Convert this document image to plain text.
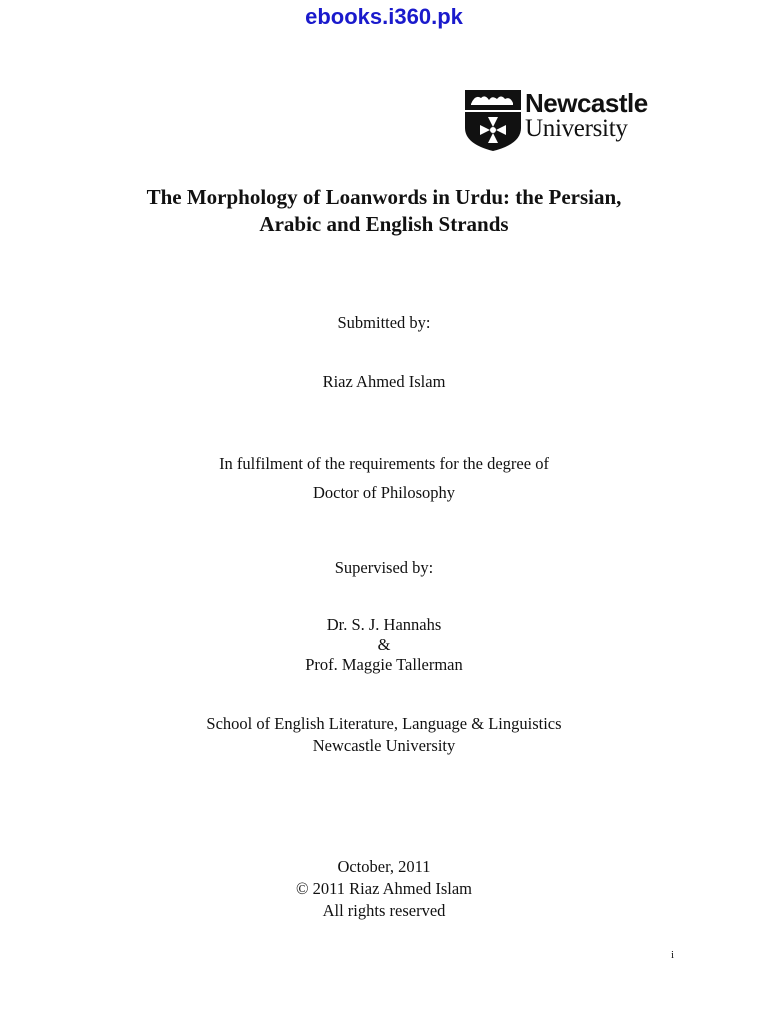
ebooks.i360.pk
Newcastle
University
The Morphology of Loanwords in Urdu: the Persian,
Arabic and English Strands
Submitted by:
Riaz Ahmed Islam
In fulfilment of the requirements for the degree of
Doctor of Philosophy
Supervised by:
Dr. S. J. Hannahs
&
Prof. Maggie Tallerman
School of English Literature, Language & Linguistics
Newcastle University
October, 2011
© 2011 Riaz Ahmed Islam
All rights reserved
i
